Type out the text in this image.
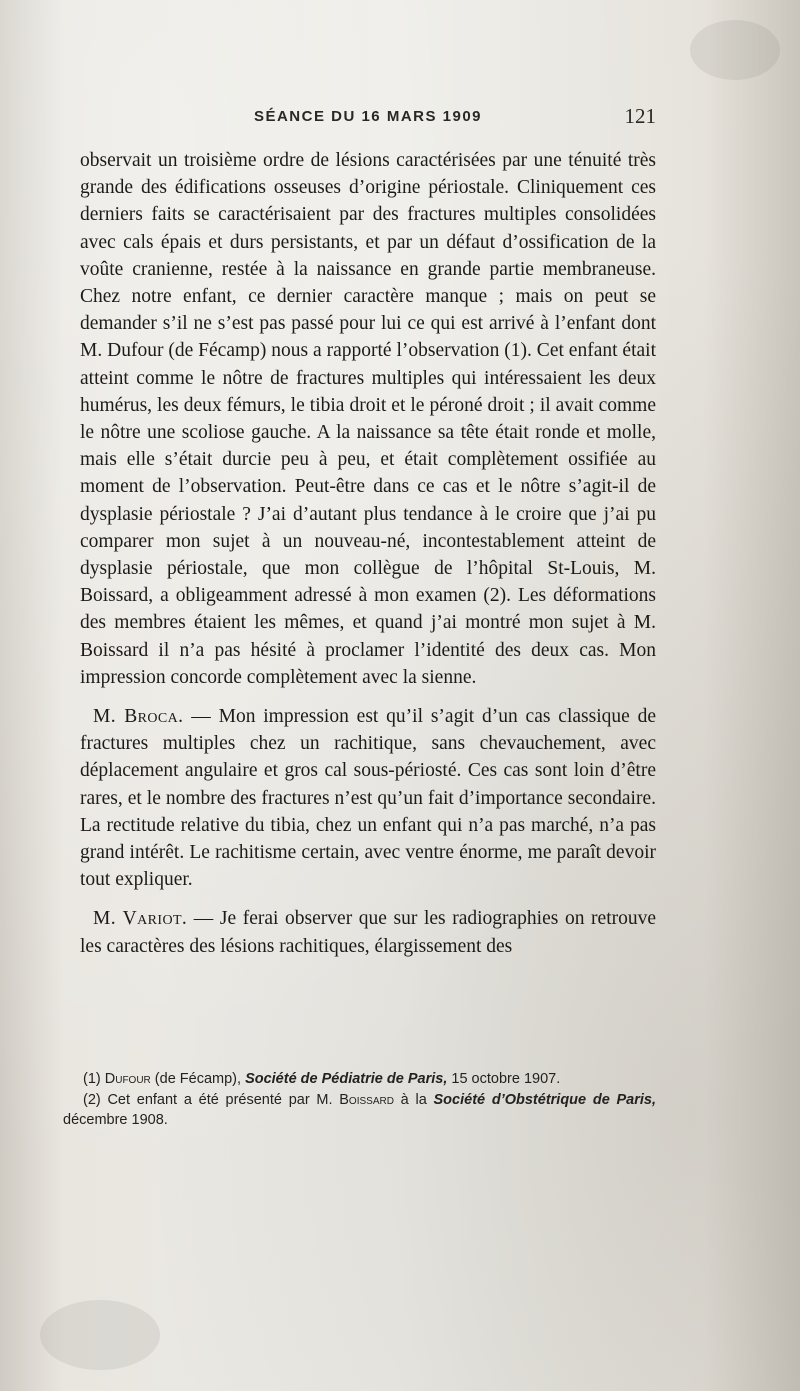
SÉANCE DU 16 MARS 1909	121

observait un troisième ordre de lésions caractérisées par une ténuité très grande des édifications osseuses d’origine périostale. Cliniquement ces derniers faits se caractérisaient par des fractures multiples consolidées avec cals épais et durs persistants, et par un défaut d’ossification de la voûte cranienne, restée à la naissance en grande partie membraneuse. Chez notre enfant, ce dernier caractère manque ; mais on peut se demander s’il ne s’est pas passé pour lui ce qui est arrivé à l’enfant dont M. Dufour (de Fécamp) nous a rapporté l’observation (1). Cet enfant était atteint comme le nôtre de fractures multiples qui intéressaient les deux humérus, les deux fémurs, le tibia droit et le péroné droit ; il avait comme le nôtre une scoliose gauche. A la naissance sa tête était ronde et molle, mais elle s’était durcie peu à peu, et était complètement ossifiée au moment de l’observation. Peut-être dans ce cas et le nôtre s’agit-il de dysplasie périostale ? J’ai d’autant plus tendance à le croire que j’ai pu comparer mon sujet à un nouveau-né, incontestablement atteint de dysplasie périostale, que mon collègue de l’hôpital St-Louis, M. Boissard, a obligeamment adressé à mon examen (2). Les déformations des membres étaient les mêmes, et quand j’ai montré mon sujet à M. Boissard il n’a pas hésité à proclamer l’identité des deux cas. Mon impression concorde complètement avec la sienne.

M. Broca. — Mon impression est qu’il s’agit d’un cas classique de fractures multiples chez un rachitique, sans chevauchement, avec déplacement angulaire et gros cal sous-périosté. Ces cas sont loin d’être rares, et le nombre des fractures n’est qu’un fait d’importance secondaire. La rectitude relative du tibia, chez un enfant qui n’a pas marché, n’a pas grand intérêt. Le rachitisme certain, avec ventre énorme, me paraît devoir tout expliquer.

M. Variot. — Je ferai observer que sur les radiographies on retrouve les caractères des lésions rachitiques, élargissement des

(1) Dufour (de Fécamp), Société de Pédiatrie de Paris, 15 octobre 1907.

(2) Cet enfant a été présenté par M. Boissard à la Société d’Obstétrique de Paris, décembre 1908.
